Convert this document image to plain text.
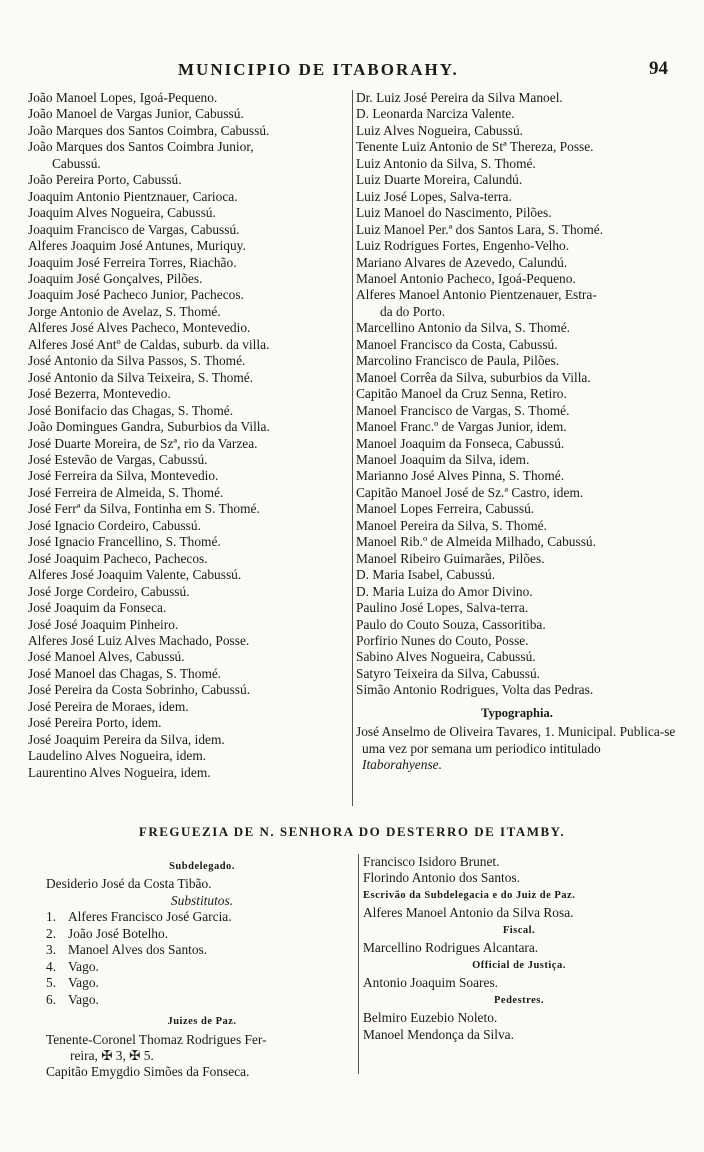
MUNICIPIO DE ITABORAHY.	94
João Manoel Lopes, Igoá-Pequeno.
João Manoel de Vargas Junior, Cabussú.
João Marques dos Santos Coimbra, Cabussú.
João Marques dos Santos Coimbra Junior,
Cabussú.
João Pereira Porto, Cabussú.
Joaquim Antonio Pientznauer, Carioca.
Joaquim Alves Nogueira, Cabussú.
Joaquim Francisco de Vargas, Cabussú.
Alferes Joaquim José Antunes, Muriquy.
Joaquim José Ferreira Torres, Riachão.
Joaquim José Gonçalves, Pilões.
Joaquim José Pacheco Junior, Pachecos.
Jorge Antonio de Avelaz, S. Thomé.
Alferes José Alves Pacheco, Montevedio.
Alferes José Antº de Caldas, suburb. da villa.
José Antonio da Silva Passos, S. Thomé.
José Antonio da Silva Teixeira, S. Thomé.
José Bezerra, Montevedio.
José Bonifacio das Chagas, S. Thomé.
João Domingues Gandra, Suburbios da Villa.
José Duarte Moreira, de Szª, rio da Varzea.
José Estevão de Vargas, Cabussú.
José Ferreira da Silva, Montevedio.
José Ferreira de Almeida, S. Thomé.
José Ferrª da Silva, Fontinha em S. Thomé.
José Ignacio Cordeiro, Cabussú.
José Ignacio Francellino, S. Thomé.
José Joaquim Pacheco, Pachecos.
Alferes José Joaquim Valente, Cabussú.
José Jorge Cordeiro, Cabussú.
José Joaquim da Fonseca.
José José Joaquim Pinheiro.
Alferes José Luiz Alves Machado, Posse.
José Manoel Alves, Cabussú.
José Manoel das Chagas, S. Thomé.
José Pereira da Costa Sobrinho, Cabussú.
José Pereira de Moraes, idem.
José Pereira Porto, idem.
José Joaquim Pereira da Silva, idem.
Laudelino Alves Nogueira, idem.
Laurentino Alves Nogueira, idem.
Dr. Luiz José Pereira da Silva Manoel.
D. Leonarda Narciza Valente.
Luiz Alves Nogueira, Cabussú.
Tenente Luiz Antonio de Stª Thereza, Posse.
Luiz Antonio da Silva, S. Thomé.
Luiz Duarte Moreira, Calundú.
Luiz José Lopes, Salva-terra.
Luiz Manoel do Nascimento, Pilões.
Luiz Manoel Per.ª dos Santos Lara, S. Thomé.
Luiz Rodrigues Fortes, Engenho-Velho.
Mariano Alvares de Azevedo, Calundú.
Manoel Antonio Pacheco, Igoá-Pequeno.
Alferes Manoel Antonio Pientzenauer, Estra-
da do Porto.
Marcellino Antonio da Silva, S. Thomé.
Manoel Francisco da Costa, Cabussú.
Marcolino Francisco de Paula, Pilões.
Manoel Corrêa da Silva, suburbios da Villa.
Capitão Manoel da Cruz Senna, Retiro.
Manoel Francisco de Vargas, S. Thomé.
Manoel Franc.º de Vargas Junior, idem.
Manoel Joaquim da Fonseca, Cabussú.
Manoel Joaquim da Silva, idem.
Marianno José Alves Pinna, S. Thomé.
Capitão Manoel José de Sz.ª Castro, idem.
Manoel Lopes Ferreira, Cabussú.
Manoel Pereira da Silva, S. Thomé.
Manoel Rib.º de Almeida Milhado, Cabussú.
Manoel Ribeiro Guimarães, Pilões.
D. Maria Isabel, Cabussú.
D. Maria Luiza do Amor Divino.
Paulino José Lopes, Salva-terra.
Paulo do Couto Souza, Cassoritiba.
Porfirio Nunes do Couto, Posse.
Sabino Alves Nogueira, Cabussú.
Satyro Teixeira da Silva, Cabussú.
Simão Antonio Rodrigues, Volta das Pedras.
Typographia.
José Anselmo de Oliveira Tavares, 1. Municipal. Publica-se uma vez por semana um periodico intitulado Itaborahyense.
FREGUEZIA DE N. SENHORA DO DESTERRO DE ITAMBY.
Subdelegado.
Desiderio José da Costa Tibão.
Substitutos.
1. Alferes Francisco José Garcia.
2. João José Botelho.
3. Manoel Alves dos Santos.
4. Vago.
5. Vago.
6. Vago.
Juizes de Paz.
Tenente-Coronel Thomaz Rodrigues Fer-
reira, ✠ 3, ✠ 5.
Capitão Emygdio Simões da Fonseca.
Francisco Isidoro Brunet.
Florindo Antonio dos Santos.
Escrivão da Subdelegacia e do Juiz de Paz.
Alferes Manoel Antonio da Silva Rosa.
Fiscal.
Marcellino Rodrigues Alcantara.
Official de Justiça.
Antonio Joaquim Soares.
Pedestres.
Belmiro Euzebio Noleto.
Manoel Mendonça da Silva.
